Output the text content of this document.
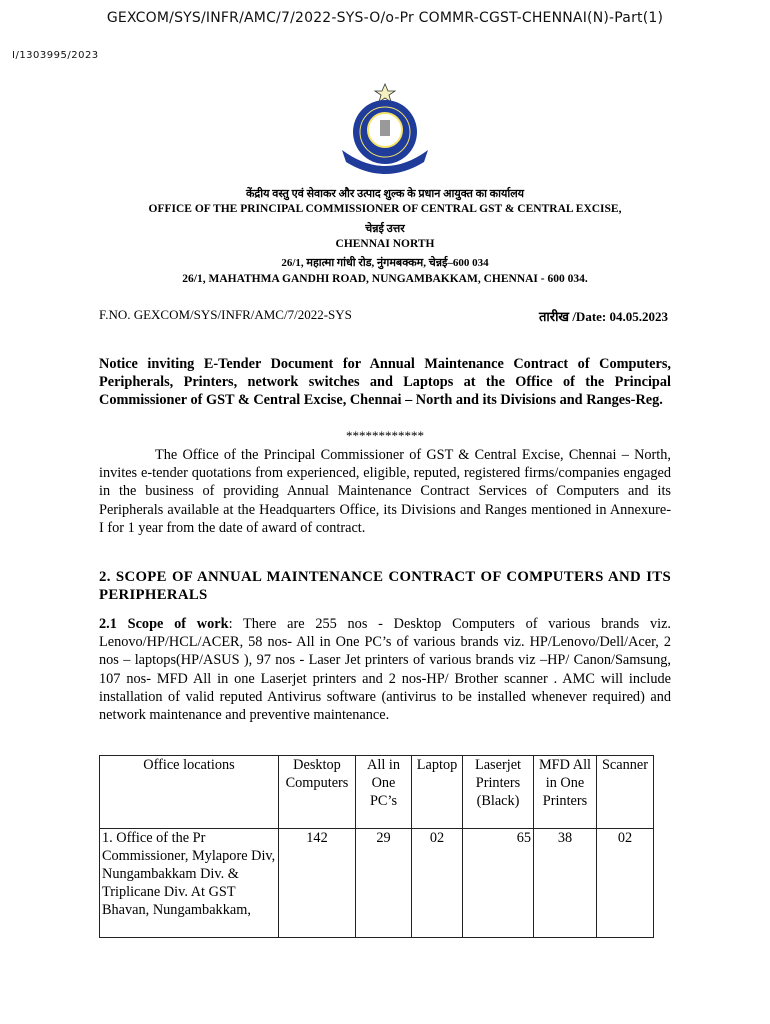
GEXCOM/SYS/INFR/AMC/7/2022-SYS-O/o-Pr COMMR-CGST-CHENNAI(N)-Part(1)
I/1303995/2023
केंद्रीय वस्तु एवं सेवाकर और उत्पाद शुल्क के प्रधान आयुक्त का कार्यालय
OFFICE OF THE PRINCIPAL COMMISSIONER OF CENTRAL GST & CENTRAL EXCISE,
चेन्नई उत्तर
CHENNAI NORTH
26/1, महात्मा गांधी रोड, नुंगमबक्कम, चेन्नई–600 034
26/1, MAHATHMA GANDHI ROAD, NUNGAMBAKKAM, CHENNAI - 600 034.
F.NO. GEXCOM/SYS/INFR/AMC/7/2022-SYS	तारीख /Date: 04.05.2023
Notice inviting E-Tender Document for Annual Maintenance Contract of Computers, Peripherals, Printers, network switches and Laptops at the Office of the Principal Commissioner of GST & Central Excise, Chennai – North and its Divisions and Ranges-Reg.
************
The Office of the Principal Commissioner of GST & Central Excise, Chennai – North, invites e-tender quotations from experienced, eligible, reputed, registered firms/companies engaged in the business of providing Annual Maintenance Contract Services of Computers and its Peripherals available at the Headquarters Office, its Divisions and Ranges mentioned in Annexure- I for 1 year from the date of award of contract.
2. SCOPE OF ANNUAL MAINTENANCE CONTRACT OF COMPUTERS AND ITS PERIPHERALS
2.1 Scope of work: There are 255 nos - Desktop Computers of various brands viz. Lenovo/HP/HCL/ACER, 58 nos- All in One PC’s of various brands viz. HP/Lenovo/Dell/Acer, 2 nos – laptops(HP/ASUS ), 97 nos - Laser Jet printers of various brands viz –HP/ Canon/Samsung, 107 nos- MFD All in one Laserjet printers and 2 nos-HP/ Brother scanner . AMC will include installation of valid reputed Antivirus software (antivirus to be installed whenever required) and network maintenance and preventive maintenance.
Office locations	Desktop Computers	All in One PC’s	Laptop	Laserjet Printers (Black)	MFD All in One Printers	Scanner
1. Office of the Pr Commissioner, Mylapore Div, Nungambakkam Div. & Triplicane Div. At GST Bhavan, Nungambakkam,	142	29	02	65	38	02
